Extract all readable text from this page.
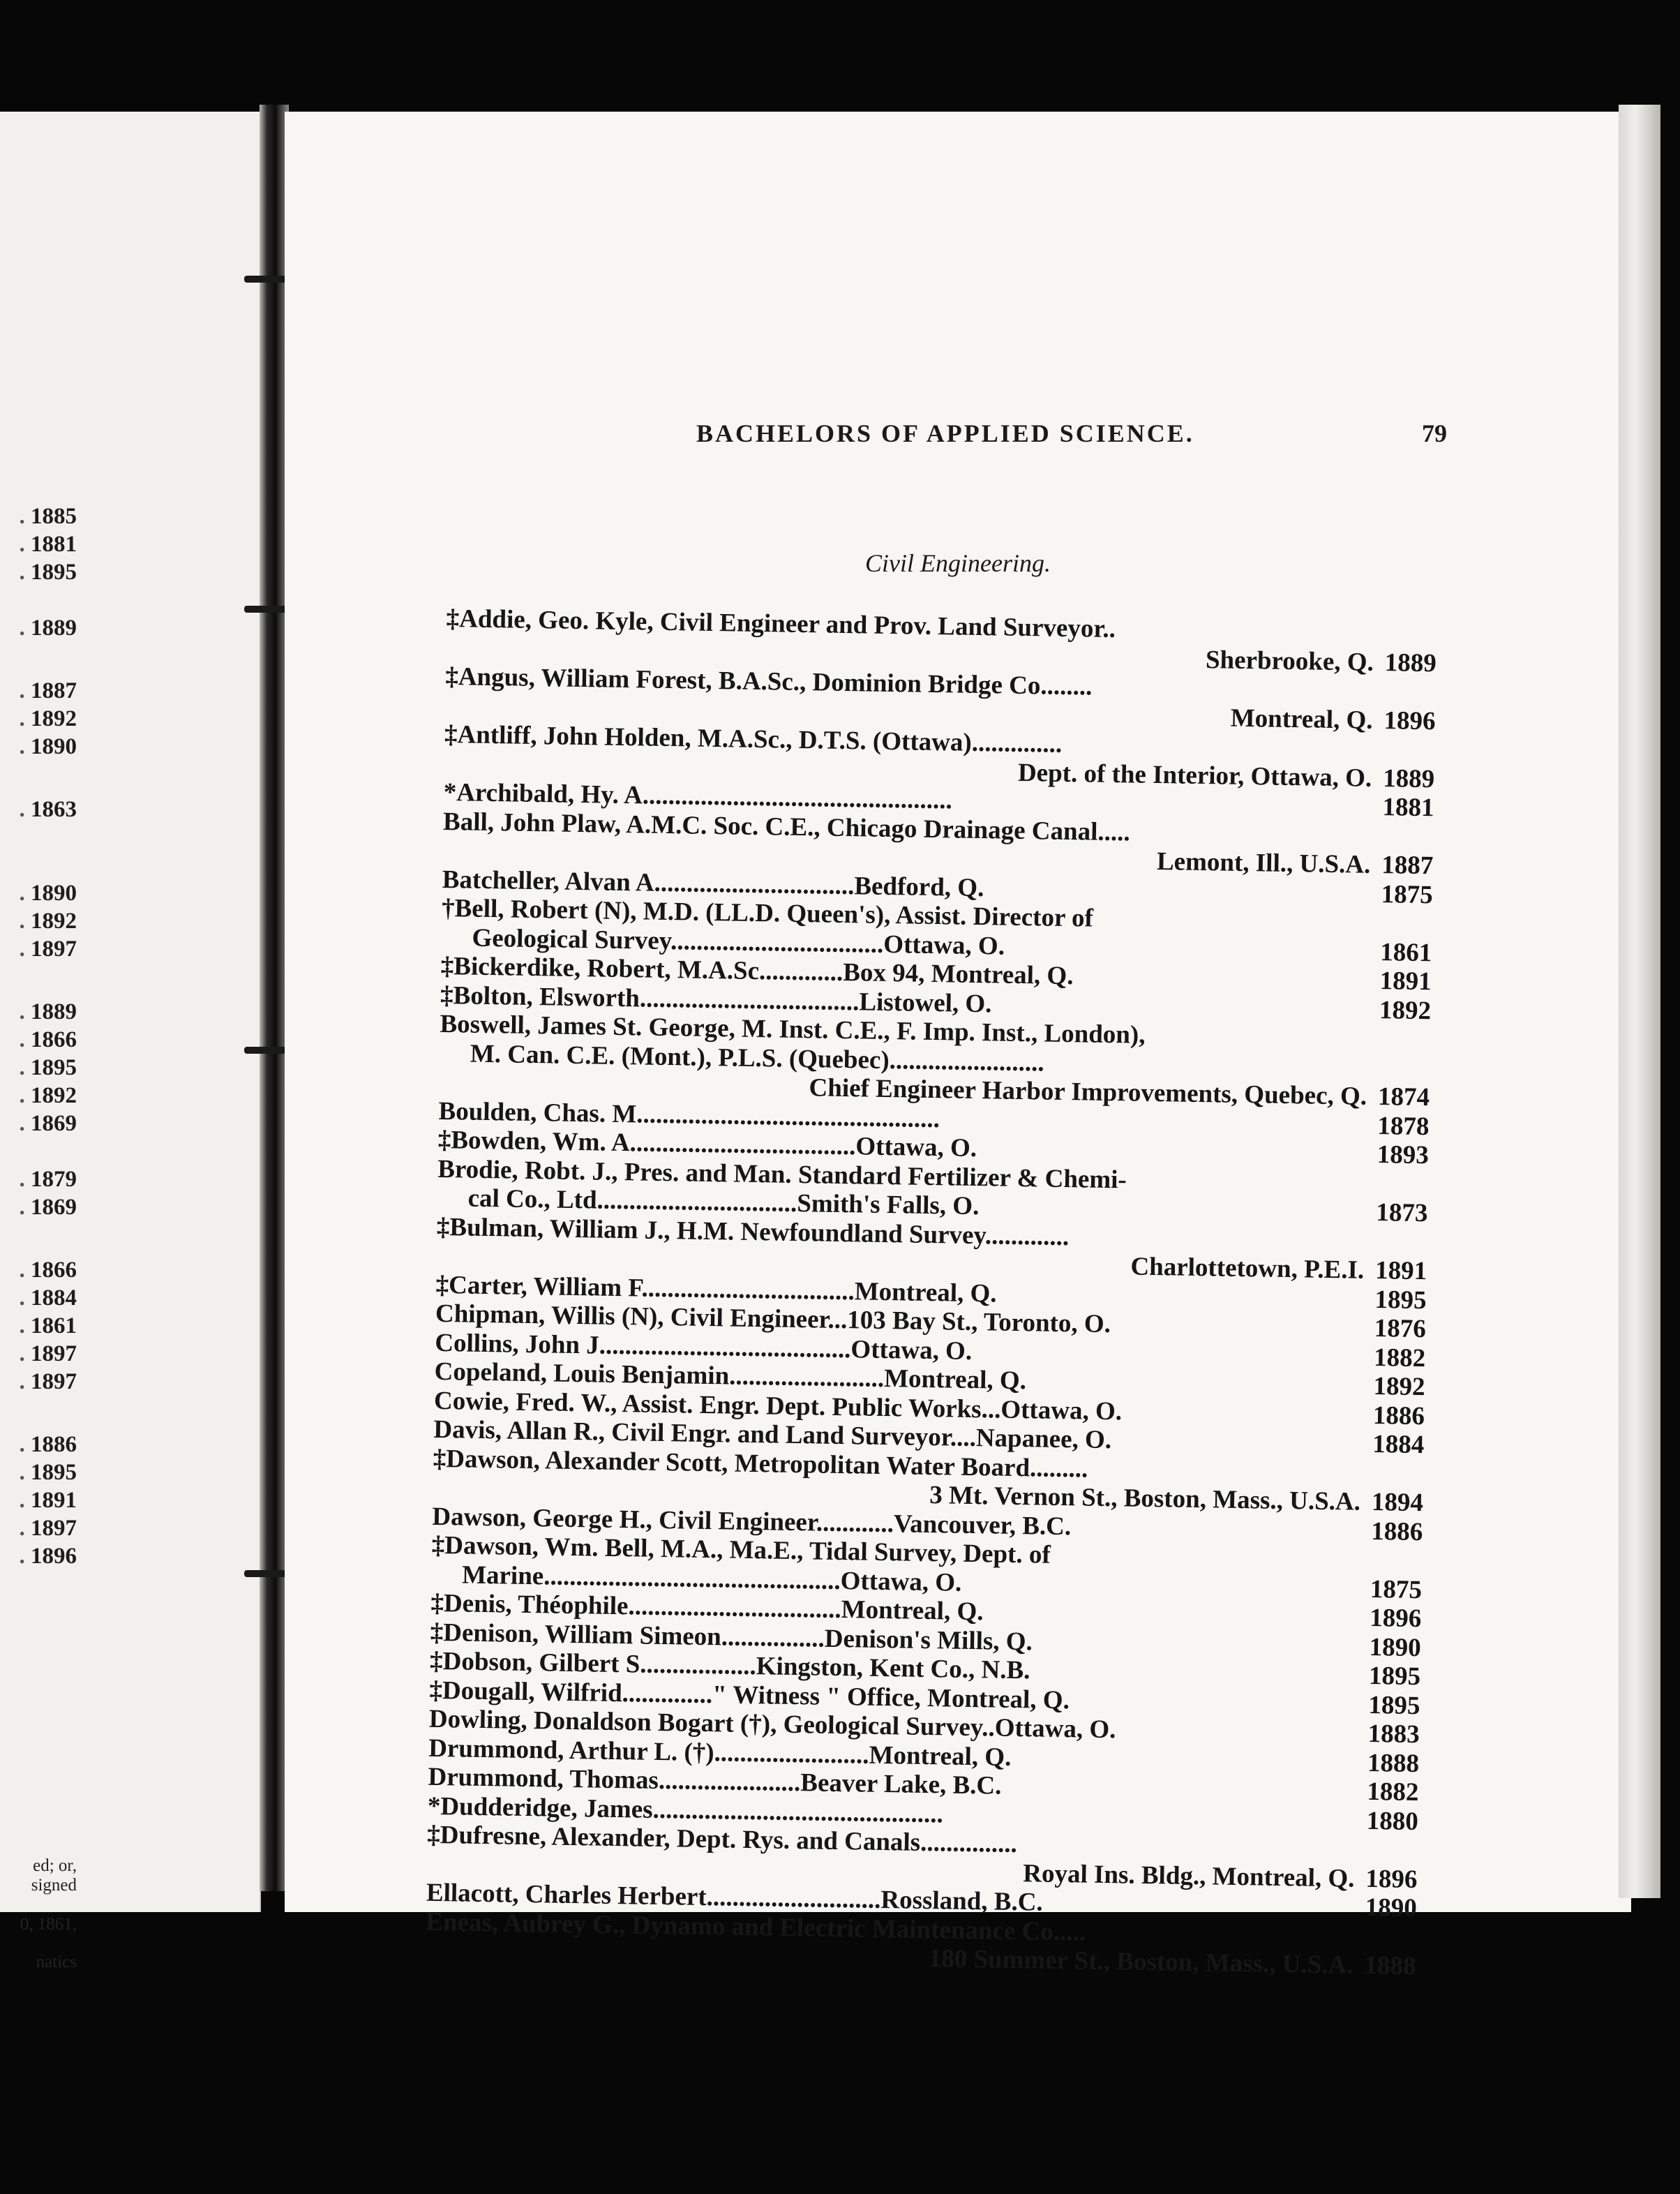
. 1885
. 1881
. 1895
. 1889
. 1887
. 1892
. 1890
. 1863
. 1890
. 1892
. 1897
. 1889
. 1866
. 1895
. 1892
. 1869
. 1879
. 1869
. 1866
. 1884
. 1861
. 1897
. 1897
. 1886
. 1895
. 1891
. 1897
. 1896
ed; or,
signed
0, 1861,
natics
BACHELORS OF APPLIED SCIENCE.	79
Civil Engineering.
‡Addie, Geo. Kyle, Civil Engineer and Prov. Land Surveyor..
Sherbrooke, Q. 1889
‡Angus, William Forest, B.A.Sc., Dominion Bridge Co........
Montreal, Q. 1896
‡Antliff, John Holden, M.A.Sc., D.T.S. (Ottawa)..............
Dept. of the Interior, Ottawa, O. 1889
*Archibald, Hy. A................................................	1881
Ball, John Plaw, A.M.C. Soc. C.E., Chicago Drainage Canal.....
Lemont, Ill., U.S.A. 1887
Batcheller, Alvan A...............................Bedford, Q.	1875
†Bell, Robert (N), M.D. (LL.D. Queen's), Assist. Director of
Geological Survey.................................Ottawa, O.	1861
‡Bickerdike, Robert, M.A.Sc.............Box 94, Montreal, Q.	1891
‡Bolton, Elsworth..................................Listowel, O.	1892
Boswell, James St. George, M. Inst. C.E., F. Imp. Inst., London),
M. Can. C.E. (Mont.), P.L.S. (Quebec)........................
Chief Engineer Harbor Improvements, Quebec, Q. 1874
Boulden, Chas. M...............................................	1878
‡Bowden, Wm. A...................................Ottawa, O.	1893
Brodie, Robt. J., Pres. and Man. Standard Fertilizer & Chemi-
cal Co., Ltd...............................Smith's Falls, O.	1873
‡Bulman, William J., H.M. Newfoundland Survey.............
Charlottetown, P.E.I. 1891
‡Carter, William F.................................Montreal, Q.	1895
Chipman, Willis (N), Civil Engineer...103 Bay St., Toronto, O.	1876
Collins, John J.......................................Ottawa, O.	1882
Copeland, Louis Benjamin........................Montreal, Q.	1892
Cowie, Fred. W., Assist. Engr. Dept. Public Works...Ottawa, O.	1886
Davis, Allan R., Civil Engr. and Land Surveyor....Napanee, O.	1884
‡Dawson, Alexander Scott, Metropolitan Water Board.........
3 Mt. Vernon St., Boston, Mass., U.S.A. 1894
Dawson, George H., Civil Engineer............Vancouver, B.C.	1886
‡Dawson, Wm. Bell, M.A., Ma.E., Tidal Survey, Dept. of
Marine..............................................Ottawa, O.	1875
‡Denis, Théophile.................................Montreal, Q.	1896
‡Denison, William Simeon................Denison's Mills, Q.	1890
‡Dobson, Gilbert S..................Kingston, Kent Co., N.B.	1895
‡Dougall, Wilfrid.............." Witness " Office, Montreal, Q.	1895
Dowling, Donaldson Bogart (†), Geological Survey..Ottawa, O.	1883
Drummond, Arthur L. (†)........................Montreal, Q.	1888
Drummond, Thomas......................Beaver Lake, B.C.	1882
*Dudderidge, James.............................................	1880
‡Dufresne, Alexander, Dept. Rys. and Canals...............
Royal Ins. Bldg., Montreal, Q. 1896
Ellacott, Charles Herbert...........................Rossland, B.C.	1890
Eneas, Aubrey G., Dynamo and Electric Maintenance Co.....
180 Summer St., Boston, Mass., U.S.A. 1888
